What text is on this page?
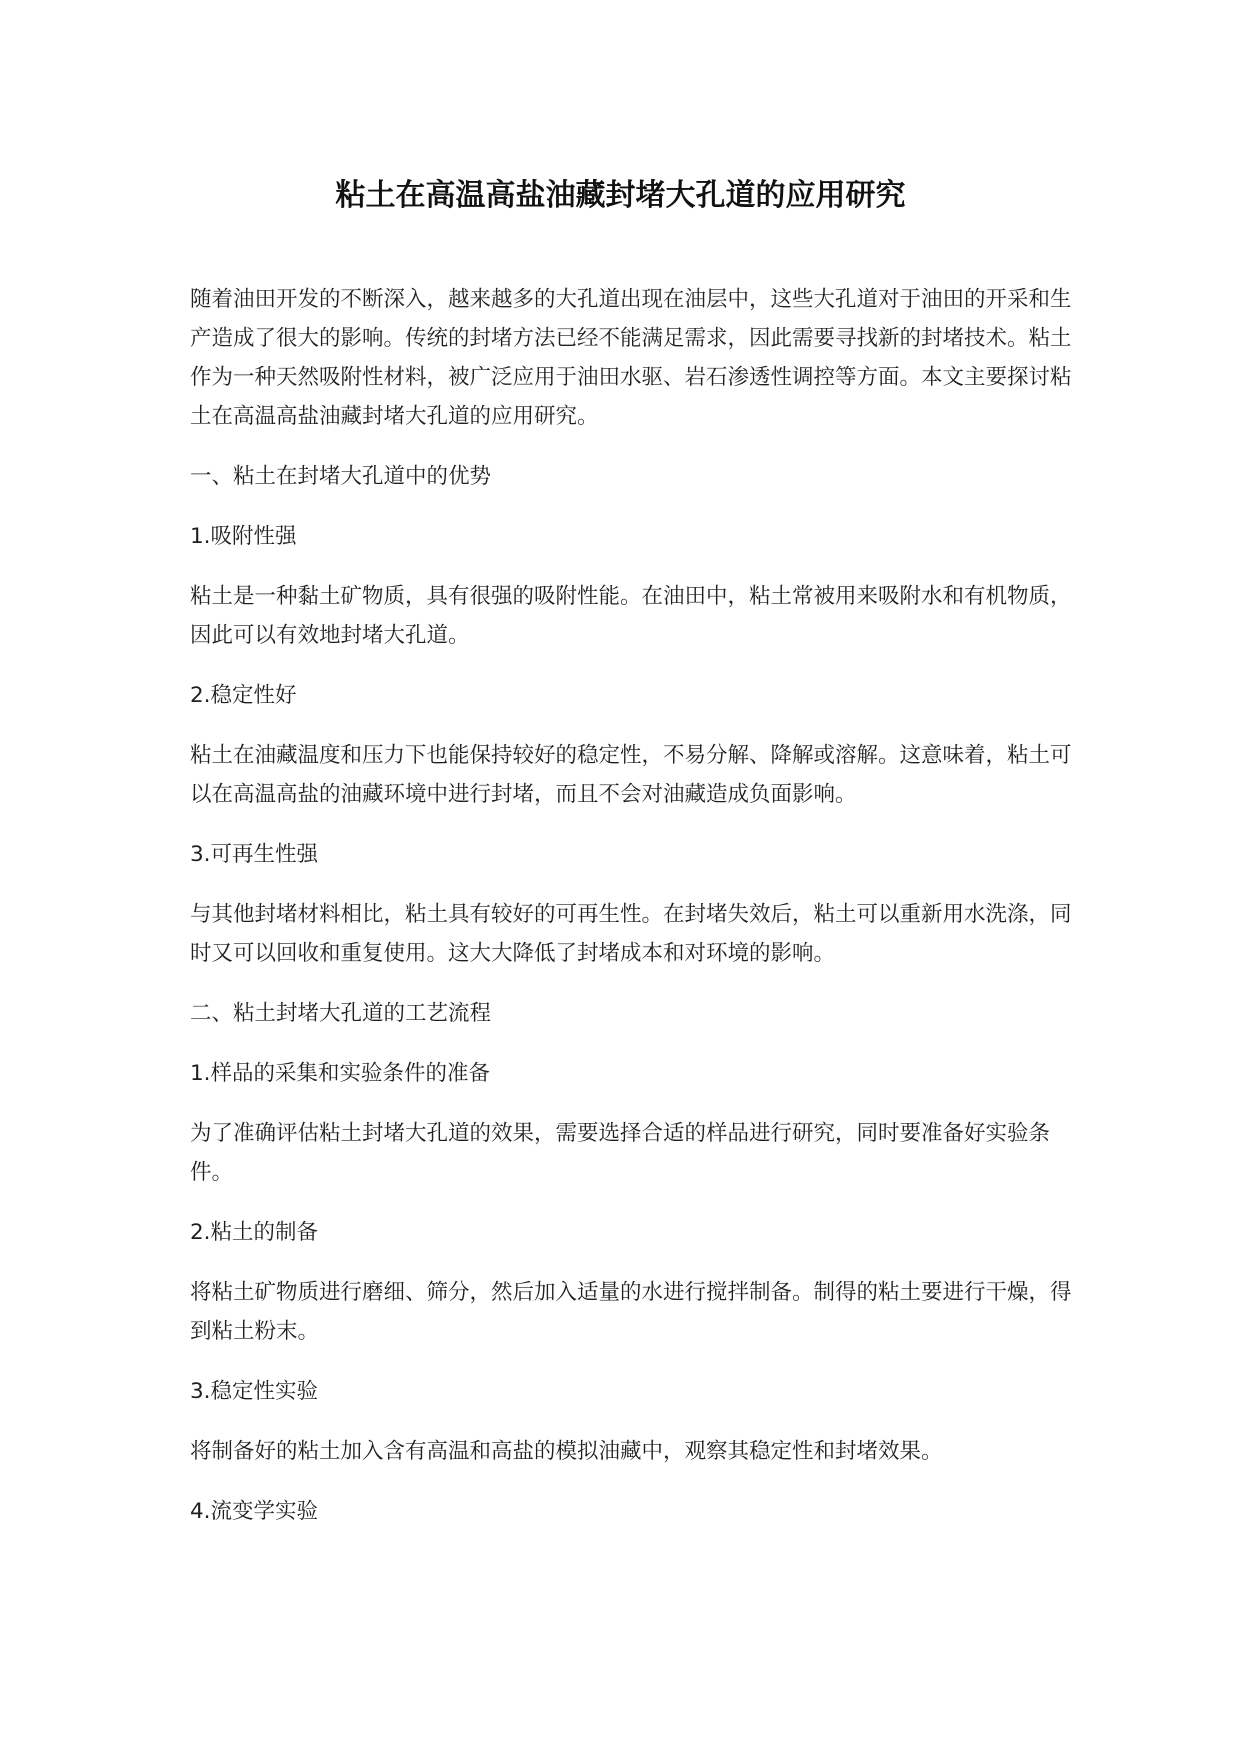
粘土在高温高盐油藏封堵大孔道的应用研究

随着油田开发的不断深入，越来越多的大孔道出现在油层中，这些大孔道对于油田的开采和生产造成了很大的影响。传统的封堵方法已经不能满足需求，因此需要寻找新的封堵技术。粘土作为一种天然吸附性材料，被广泛应用于油田水驱、岩石渗透性调控等方面。本文主要探讨粘土在高温高盐油藏封堵大孔道的应用研究。

一、粘土在封堵大孔道中的优势

1.吸附性强

粘土是一种黏土矿物质，具有很强的吸附性能。在油田中，粘土常被用来吸附水和有机物质，因此可以有效地封堵大孔道。

2.稳定性好

粘土在油藏温度和压力下也能保持较好的稳定性，不易分解、降解或溶解。这意味着，粘土可以在高温高盐的油藏环境中进行封堵，而且不会对油藏造成负面影响。

3.可再生性强

与其他封堵材料相比，粘土具有较好的可再生性。在封堵失效后，粘土可以重新用水洗涤，同时又可以回收和重复使用。这大大降低了封堵成本和对环境的影响。

二、粘土封堵大孔道的工艺流程

1.样品的采集和实验条件的准备

为了准确评估粘土封堵大孔道的效果，需要选择合适的样品进行研究，同时要准备好实验条件。

2.粘土的制备

将粘土矿物质进行磨细、筛分，然后加入适量的水进行搅拌制备。制得的粘土要进行干燥，得到粘土粉末。

3.稳定性实验

将制备好的粘土加入含有高温和高盐的模拟油藏中，观察其稳定性和封堵效果。

4.流变学实验
